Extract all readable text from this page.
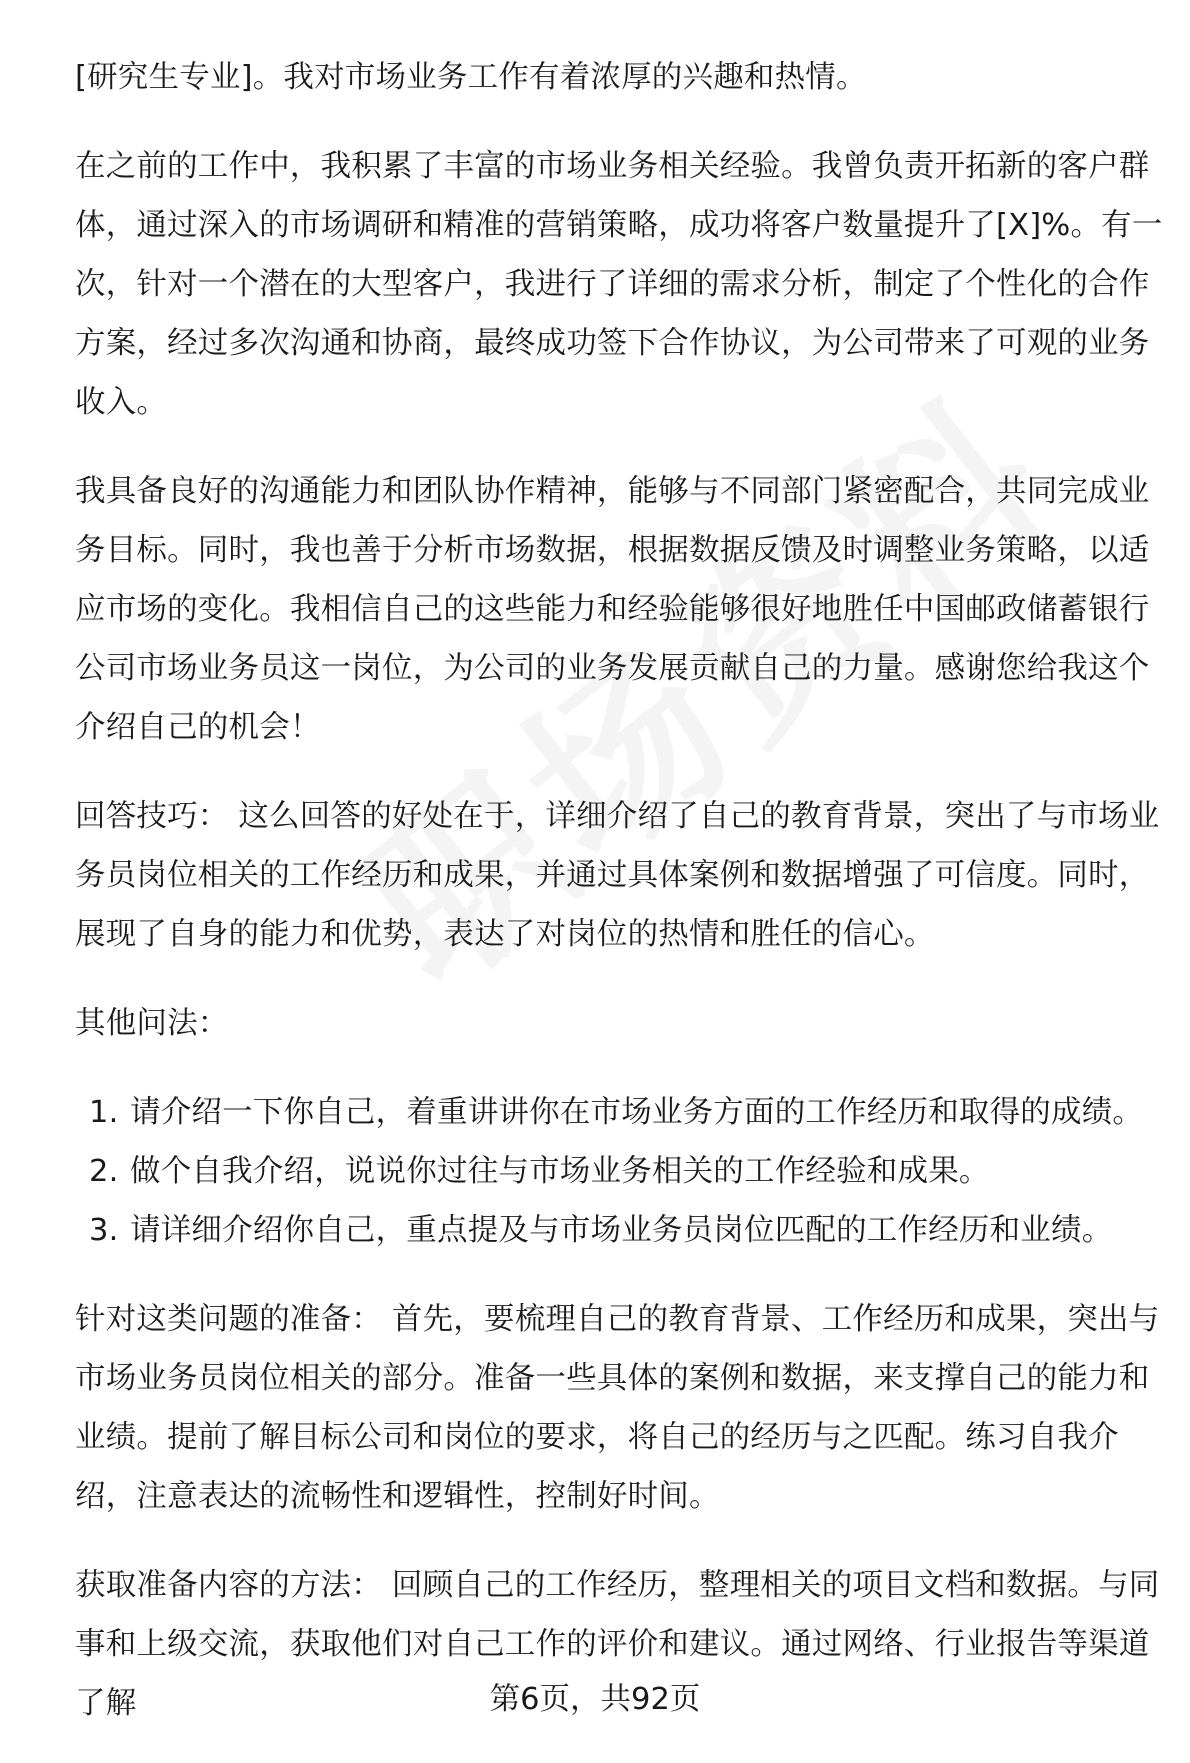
[研究生专业]。我对市场业务工作有着浓厚的兴趣和热情。

在之前的工作中，我积累了丰富的市场业务相关经验。我曾负责开拓新的客户群体，通过深入的市场调研和精准的营销策略，成功将客户数量提升了[X]%。有一次，针对一个潜在的大型客户，我进行了详细的需求分析，制定了个性化的合作方案，经过多次沟通和协商，最终成功签下合作协议，为公司带来了可观的业务收入。

我具备良好的沟通能力和团队协作精神，能够与不同部门紧密配合，共同完成业务目标。同时，我也善于分析市场数据，根据数据反馈及时调整业务策略，以适应市场的变化。我相信自己的这些能力和经验能够很好地胜任中国邮政储蓄银行公司市场业务员这一岗位，为公司的业务发展贡献自己的力量。感谢您给我这个介绍自己的机会！

回答技巧： 这么回答的好处在于，详细介绍了自己的教育背景，突出了与市场业务员岗位相关的工作经历和成果，并通过具体案例和数据增强了可信度。同时，展现了自身的能力和优势，表达了对岗位的热情和胜任的信心。

其他问法：

1. 请介绍一下你自己，着重讲讲你在市场业务方面的工作经历和取得的成绩。
2. 做个自我介绍，说说你过往与市场业务相关的工作经验和成果。
3. 请详细介绍你自己，重点提及与市场业务员岗位匹配的工作经历和业绩。

针对这类问题的准备： 首先，要梳理自己的教育背景、工作经历和成果，突出与市场业务员岗位相关的部分。准备一些具体的案例和数据，来支撑自己的能力和业绩。提前了解目标公司和岗位的要求，将自己的经历与之匹配。练习自我介绍，注意表达的流畅性和逻辑性，控制好时间。

获取准备内容的方法： 回顾自己的工作经历，整理相关的项目文档和数据。与同事和上级交流，获取他们对自己工作的评价和建议。通过网络、行业报告等渠道了解	第6页，共92页
